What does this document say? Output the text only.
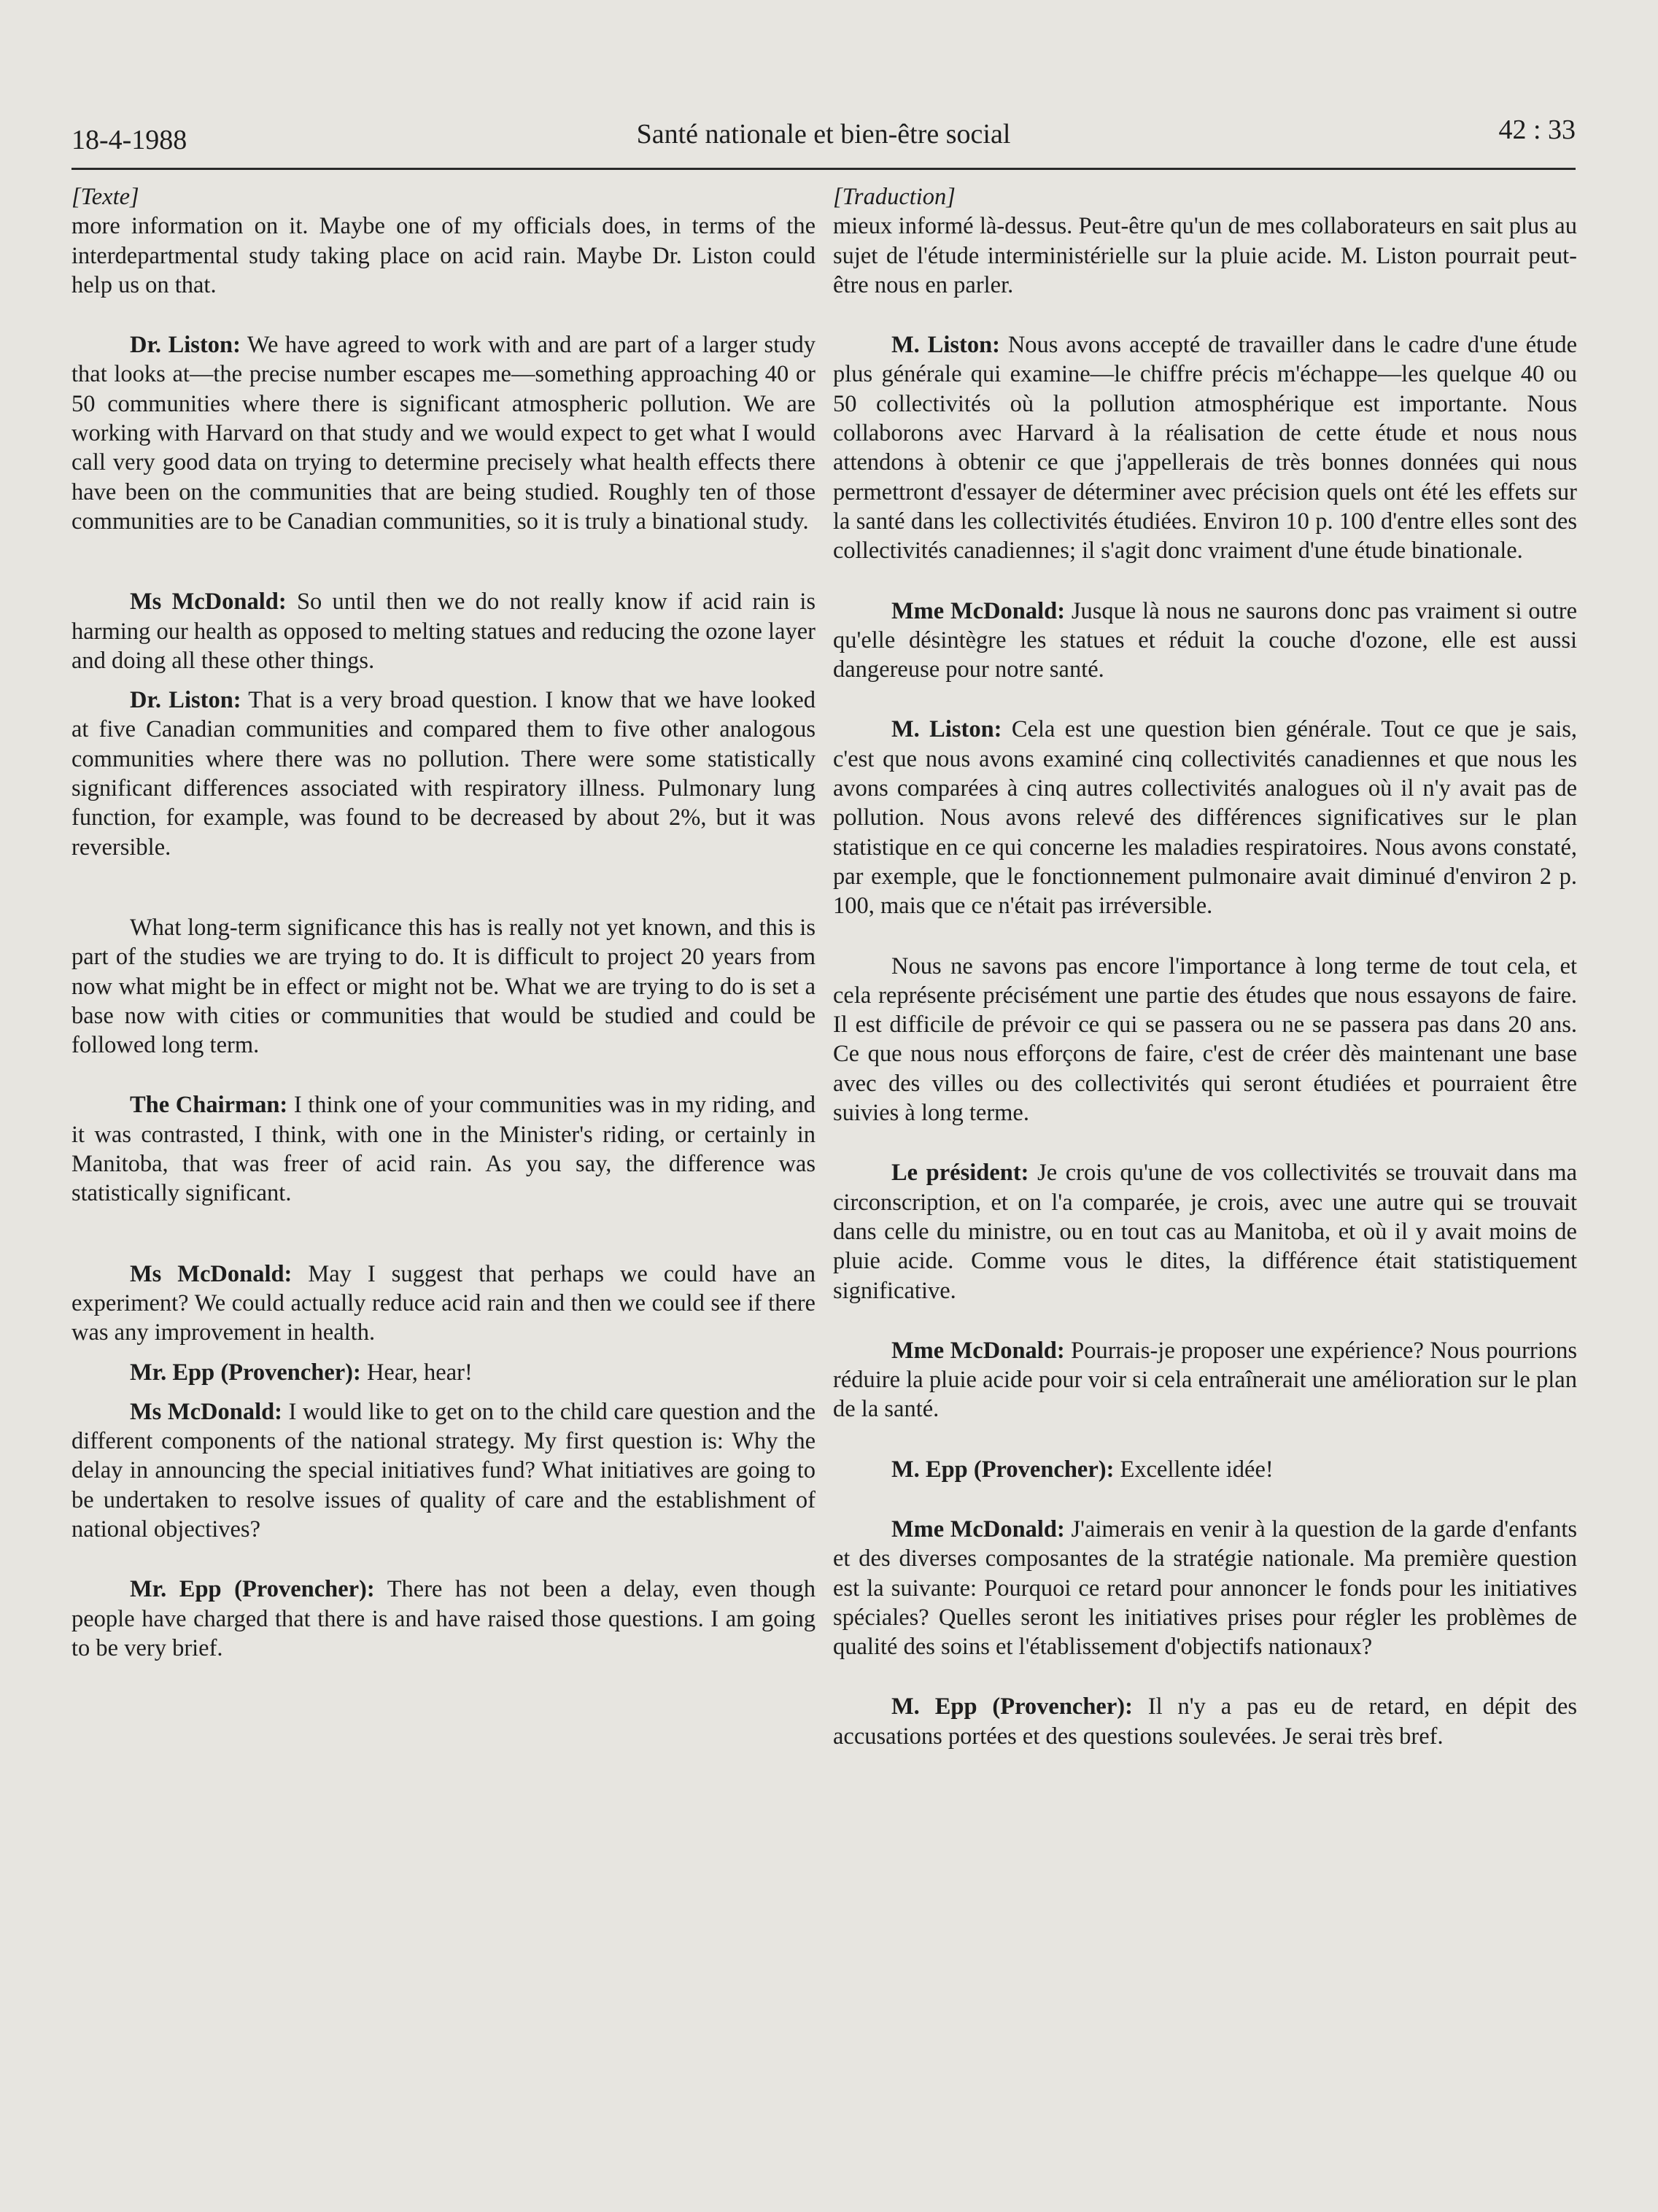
18-4-1988	Santé nationale et bien-être social	42 : 33
[Texte]

more information on it. Maybe one of my officials does, in terms of the interdepartmental study taking place on acid rain. Maybe Dr. Liston could help us on that.

Dr. Liston: We have agreed to work with and are part of a larger study that looks at—the precise number escapes me—something approaching 40 or 50 communities where there is significant atmospheric pollution. We are working with Harvard on that study and we would expect to get what I would call very good data on trying to determine precisely what health effects there have been on the communities that are being studied. Roughly ten of those communities are to be Canadian communities, so it is truly a binational study.

Ms McDonald: So until then we do not really know if acid rain is harming our health as opposed to melting statues and reducing the ozone layer and doing all these other things.

Dr. Liston: That is a very broad question. I know that we have looked at five Canadian communities and compared them to five other analogous communities where there was no pollution. There were some statistically significant differences associated with respiratory illness. Pulmonary lung function, for example, was found to be decreased by about 2%, but it was reversible.

What long-term significance this has is really not yet known, and this is part of the studies we are trying to do. It is difficult to project 20 years from now what might be in effect or might not be. What we are trying to do is set a base now with cities or communities that would be studied and could be followed long term.

The Chairman: I think one of your communities was in my riding, and it was contrasted, I think, with one in the Minister's riding, or certainly in Manitoba, that was freer of acid rain. As you say, the difference was statistically significant.

Ms McDonald: May I suggest that perhaps we could have an experiment? We could actually reduce acid rain and then we could see if there was any improvement in health.

Mr. Epp (Provencher): Hear, hear!

Ms McDonald: I would like to get on to the child care question and the different components of the national strategy. My first question is: Why the delay in announcing the special initiatives fund? What initiatives are going to be undertaken to resolve issues of quality of care and the establishment of national objectives?

Mr. Epp (Provencher): There has not been a delay, even though people have charged that there is and have raised those questions. I am going to be very brief.

[Traduction]

mieux informé là-dessus. Peut-être qu'un de mes collaborateurs en sait plus au sujet de l'étude interministérielle sur la pluie acide. M. Liston pourrait peut-être nous en parler.

M. Liston: Nous avons accepté de travailler dans le cadre d'une étude plus générale qui examine—le chiffre précis m'échappe—les quelque 40 ou 50 collectivités où la pollution atmosphérique est importante. Nous collaborons avec Harvard à la réalisation de cette étude et nous nous attendons à obtenir ce que j'appellerais de très bonnes données qui nous permettront d'essayer de déterminer avec précision quels ont été les effets sur la santé dans les collectivités étudiées. Environ 10 p. 100 d'entre elles sont des collectivités canadiennes; il s'agit donc vraiment d'une étude binationale.

Mme McDonald: Jusque là nous ne saurons donc pas vraiment si outre qu'elle désintègre les statues et réduit la couche d'ozone, elle est aussi dangereuse pour notre santé.

M. Liston: Cela est une question bien générale. Tout ce que je sais, c'est que nous avons examiné cinq collectivités canadiennes et que nous les avons comparées à cinq autres collectivités analogues où il n'y avait pas de pollution. Nous avons relevé des différences significatives sur le plan statistique en ce qui concerne les maladies respiratoires. Nous avons constaté, par exemple, que le fonctionnement pulmonaire avait diminué d'environ 2 p. 100, mais que ce n'était pas irréversible.

Nous ne savons pas encore l'importance à long terme de tout cela, et cela représente précisément une partie des études que nous essayons de faire. Il est difficile de prévoir ce qui se passera ou ne se passera pas dans 20 ans. Ce que nous nous efforçons de faire, c'est de créer dès maintenant une base avec des villes ou des collectivités qui seront étudiées et pourraient être suivies à long terme.

Le président: Je crois qu'une de vos collectivités se trouvait dans ma circonscription, et on l'a comparée, je crois, avec une autre qui se trouvait dans celle du ministre, ou en tout cas au Manitoba, et où il y avait moins de pluie acide. Comme vous le dites, la différence était statistiquement significative.

Mme McDonald: Pourrais-je proposer une expérience? Nous pourrions réduire la pluie acide pour voir si cela entraînerait une amélioration sur le plan de la santé.

M. Epp (Provencher): Excellente idée!

Mme McDonald: J'aimerais en venir à la question de la garde d'enfants et des diverses composantes de la stratégie nationale. Ma première question est la suivante: Pourquoi ce retard pour annoncer le fonds pour les initiatives spéciales? Quelles seront les initiatives prises pour régler les problèmes de qualité des soins et l'établissement d'objectifs nationaux?

M. Epp (Provencher): Il n'y a pas eu de retard, en dépit des accusations portées et des questions soulevées. Je serai très bref.
